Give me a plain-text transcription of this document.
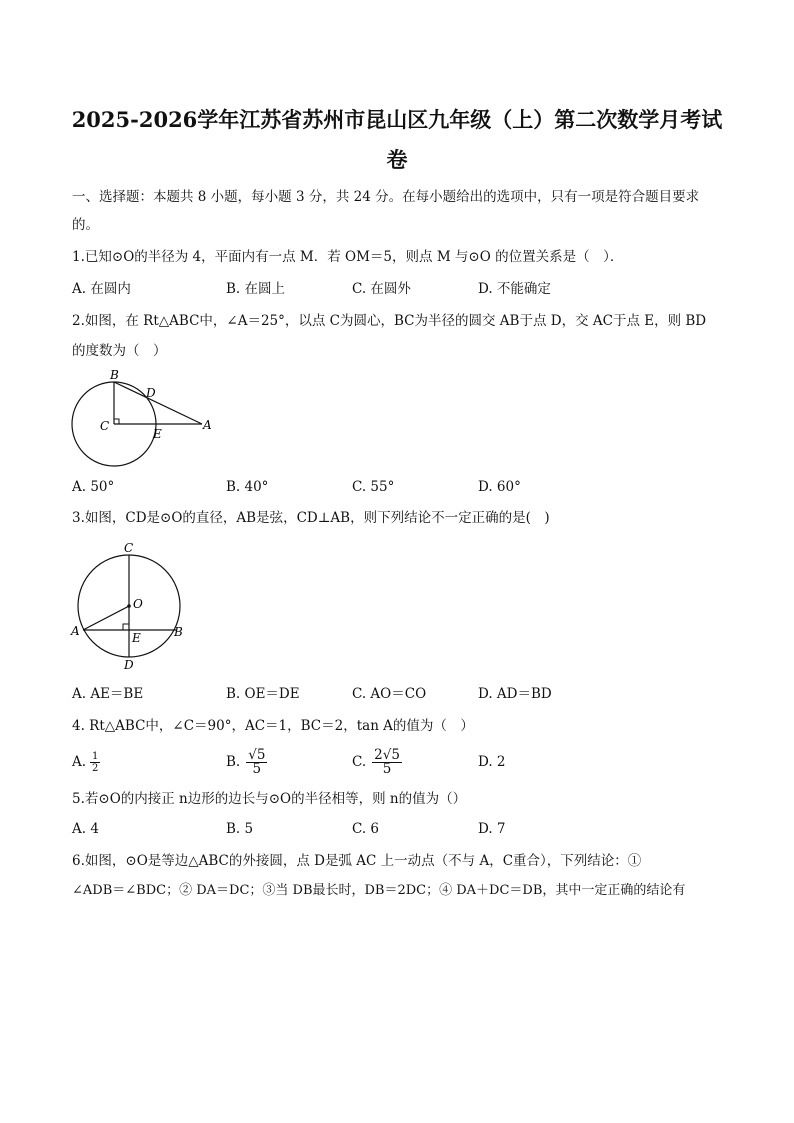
2025-2026学年江苏省苏州市昆山区九年级（上）第二次数学月考试
卷
一、选择题：本题共 8 小题，每小题 3 分，共 24 分。在每小题给出的选项中，只有一项是符合题目要求
的。
1.已知⊙O的半径为 4，平面内有一点 M．若 OM＝5，则点 M 与⊙O 的位置关系是（　）．
A. 在圆内	B. 在圆上	C. 在圆外	D. 不能确定
2.如图，在 Rt△ABC中，∠A＝25°，以点 C为圆心，BC为半径的圆交 AB于点 D，交 AC于点 E，则 BD
的度数为（　）
B
D
C
E
A
A. 50°	B. 40°	C. 55°	D. 60°
3.如图，CD是⊙O的直径，AB是弦，CD⊥AB，则下列结论不一定正确的是(　)
C
O
A	E	B
D
A. AE＝BE	B. OE＝DE	C. AO＝CO	D. AD＝BD
4. Rt△ABC中，∠C＝90°，AC＝1，BC＝2，tan A的值为（　）
A. $\frac{1}{2}$	B. $\frac{√5}{5}$	C. $\frac{2√5}{5}$	D. 2
5.若⊙O的内接正 n边形的边长与⊙O的半径相等，则 n的值为（）
A. 4	B. 5	C. 6	D. 7
6.如图，⊙O是等边△ABC的外接圆，点 D是弧 AC 上一动点（不与 A，C重合），下列结论：①
∠ADB＝∠BDC；② DA＝DC；③当 DB最长时，DB＝2DC；④ DA＋DC＝DB，其中一定正确的结论有
